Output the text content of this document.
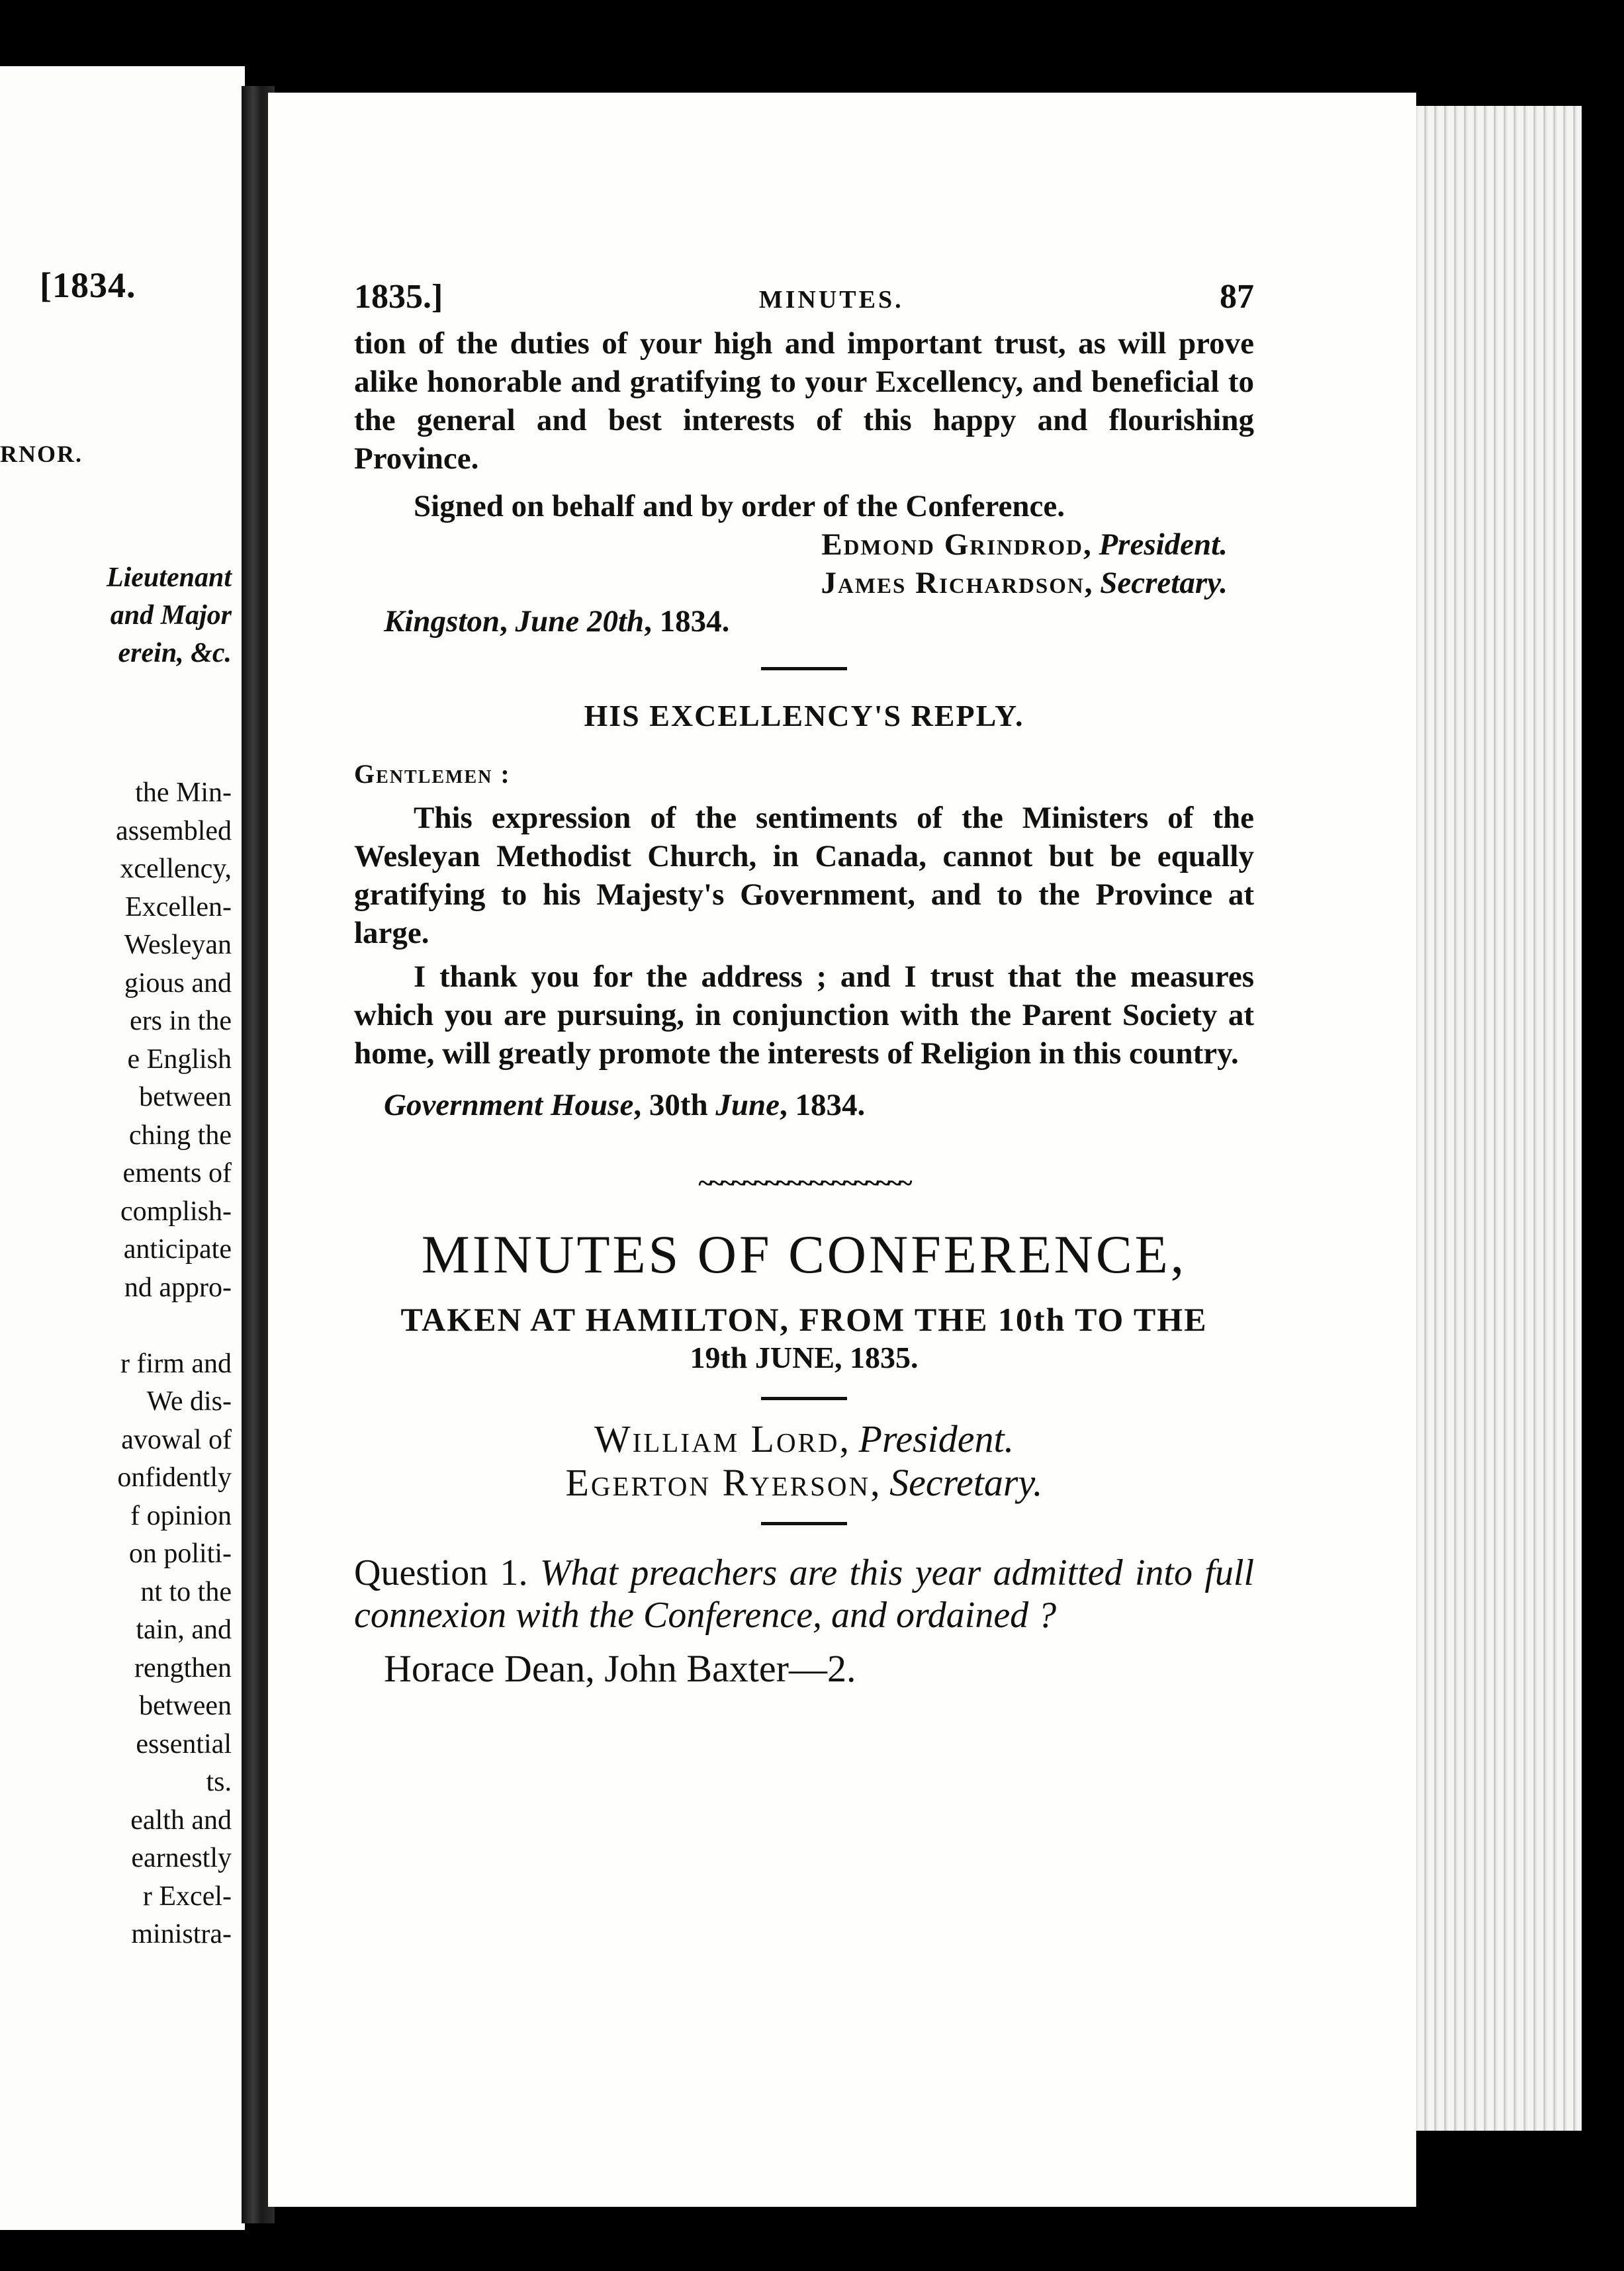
[1834.
RNOR.
Lieutenant
and Major
erein, &c.
the Min-
assembled
xcellency,
Excellen-
Wesleyan
gious and
ers in the
e English
between
ching the
ements of
complish-
anticipate
nd appro-
r firm and
We dis-
avowal of
onfidently
f opinion
on politi-
nt to the
tain, and
rengthen
between
essential
ts.
ealth and
earnestly
r Excel-
ministra-
1835.]	MINUTES.	87

tion of the duties of your high and important trust, as will prove alike honorable and gratifying to your Excellency, and beneficial to the general and best interests of this happy and flourishing Province.

Signed on behalf and by order of the Conference.

Edmond Grindrod, President.

James Richardson, Secretary.

Kingston, June 20th, 1834.

HIS EXCELLENCY'S REPLY.

Gentlemen :

This expression of the sentiments of the Ministers of the Wesleyan Methodist Church, in Canada, cannot but be equally gratifying to his Majesty's Government, and to the Province at large.

I thank you for the address ; and I trust that the measures which you are pursuing, in conjunction with the Parent Society at home, will greatly promote the interests of Religion in this country.

Government House, 30th June, 1834.

~~~~~~~~~~~~~~~~~~~

MINUTES OF CONFERENCE,

TAKEN AT HAMILTON, FROM THE 10th TO THE

19th JUNE, 1835.

William Lord, President.

Egerton Ryerson, Secretary.

Question 1. What preachers are this year admitted into full connexion with the Conference, and ordained ?

Horace Dean, John Baxter—2.
